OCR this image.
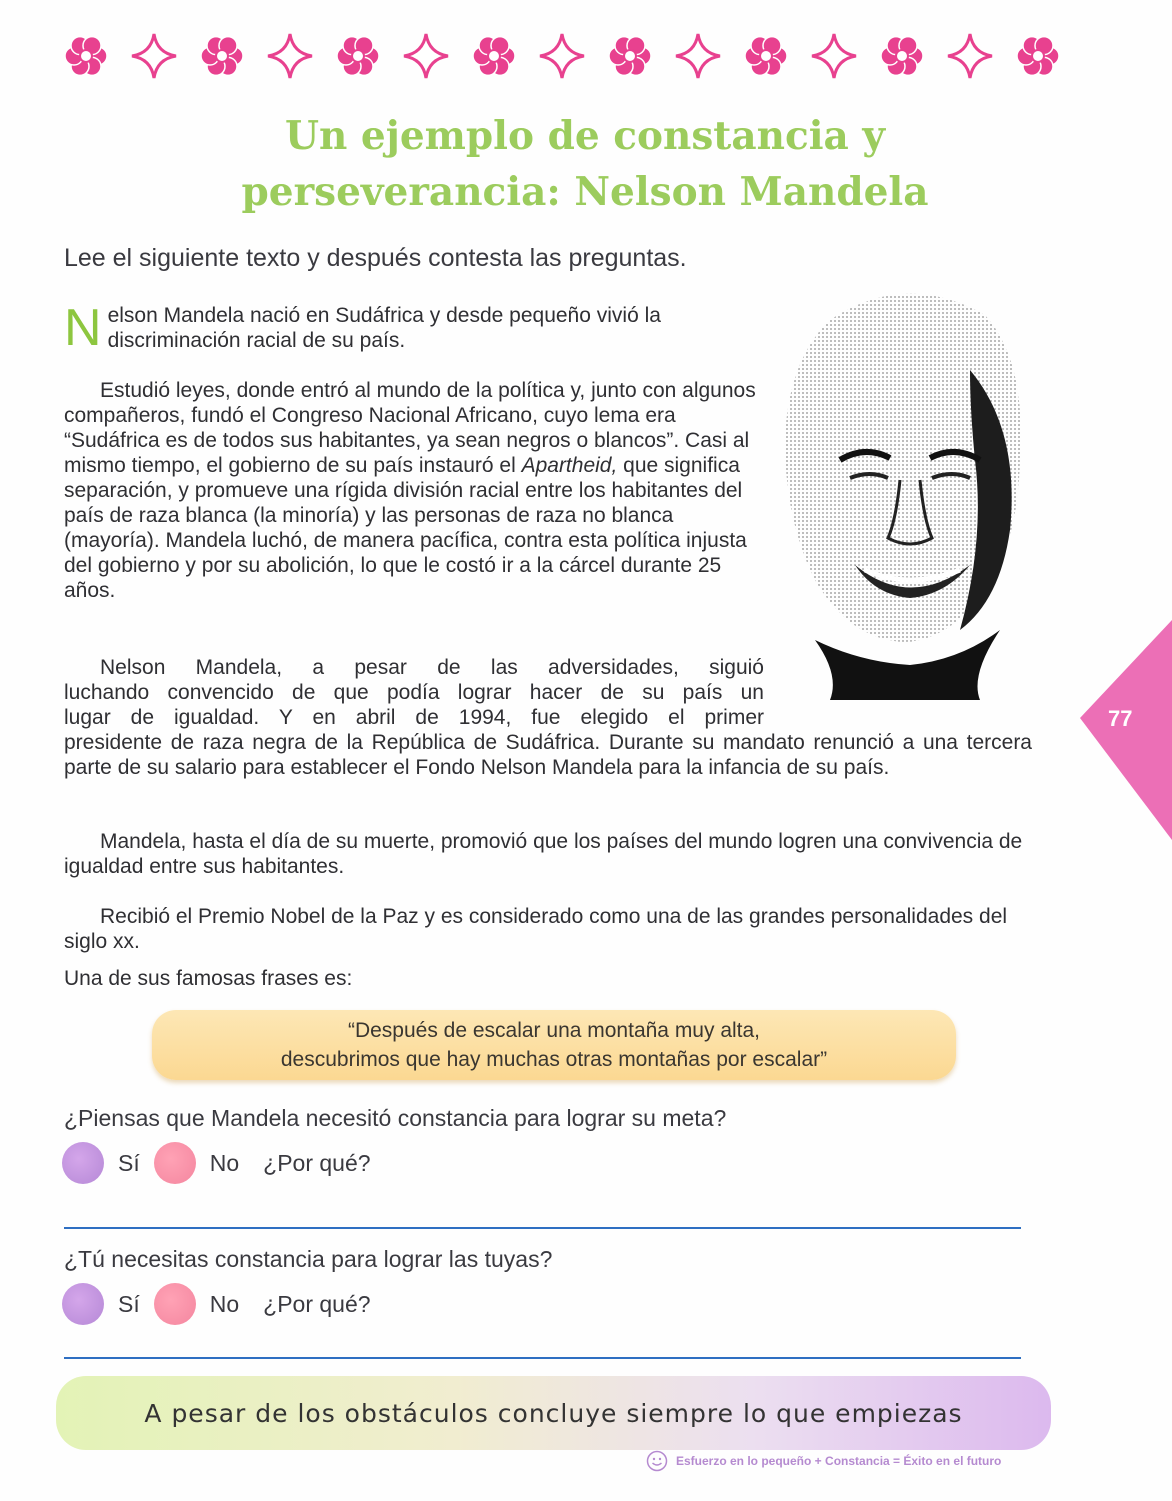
Un ejemplo de constancia y
perseverancia: Nelson Mandela

Lee el siguiente texto y después contesta las preguntas.

Nelson Mandela nació en Sudáfrica y desde pequeño vivió la discriminación racial de su país.

Estudió leyes, donde entró al mundo de la política y, junto con algunos compañeros, fundó el Congreso Nacional Africano, cuyo lema era “Sudáfrica es de todos sus habitantes, ya sean negros o blancos”. Casi al mismo tiempo, el gobierno de su país instauró el Apartheid, que significa separación, y promueve una rígida división racial entre los habitantes del país de raza blanca (la minoría) y las personas de raza no blanca (mayoría). Mandela luchó, de manera pacífica, contra esta política injusta del gobierno y por su abolición, lo que le costó ir a la cárcel durante 25 años.

Nelson Mandela, a pesar de las adversidades, siguió
luchando convencido de que podía lograr hacer de su país un
lugar de igualdad. Y en abril de 1994, fue elegido el primer
presidente de raza negra de la República de Sudáfrica. Durante su mandato renunció a una tercera parte de su salario para establecer el Fondo Nelson Mandela para la infancia de su país.

Mandela, hasta el día de su muerte, promovió que los países del mundo logren una convivencia de igualdad entre sus habitantes.

Recibió el Premio Nobel de la Paz y es considerado como una de las grandes personalidades del siglo xx.

Una de sus famosas frases es:

“Después de escalar una montaña muy alta,
descubrimos que hay muchas otras montañas por escalar”

¿Piensas que Mandela necesitó constancia para lograr su meta?

Sí	No ¿Por qué?

¿Tú necesitas constancia para lograr las tuyas?

Sí	No ¿Por qué?
A pesar de los obstáculos concluye siempre lo que empiezas
Esfuerzo en lo pequeño + Constancia = Éxito en el futuro
77
